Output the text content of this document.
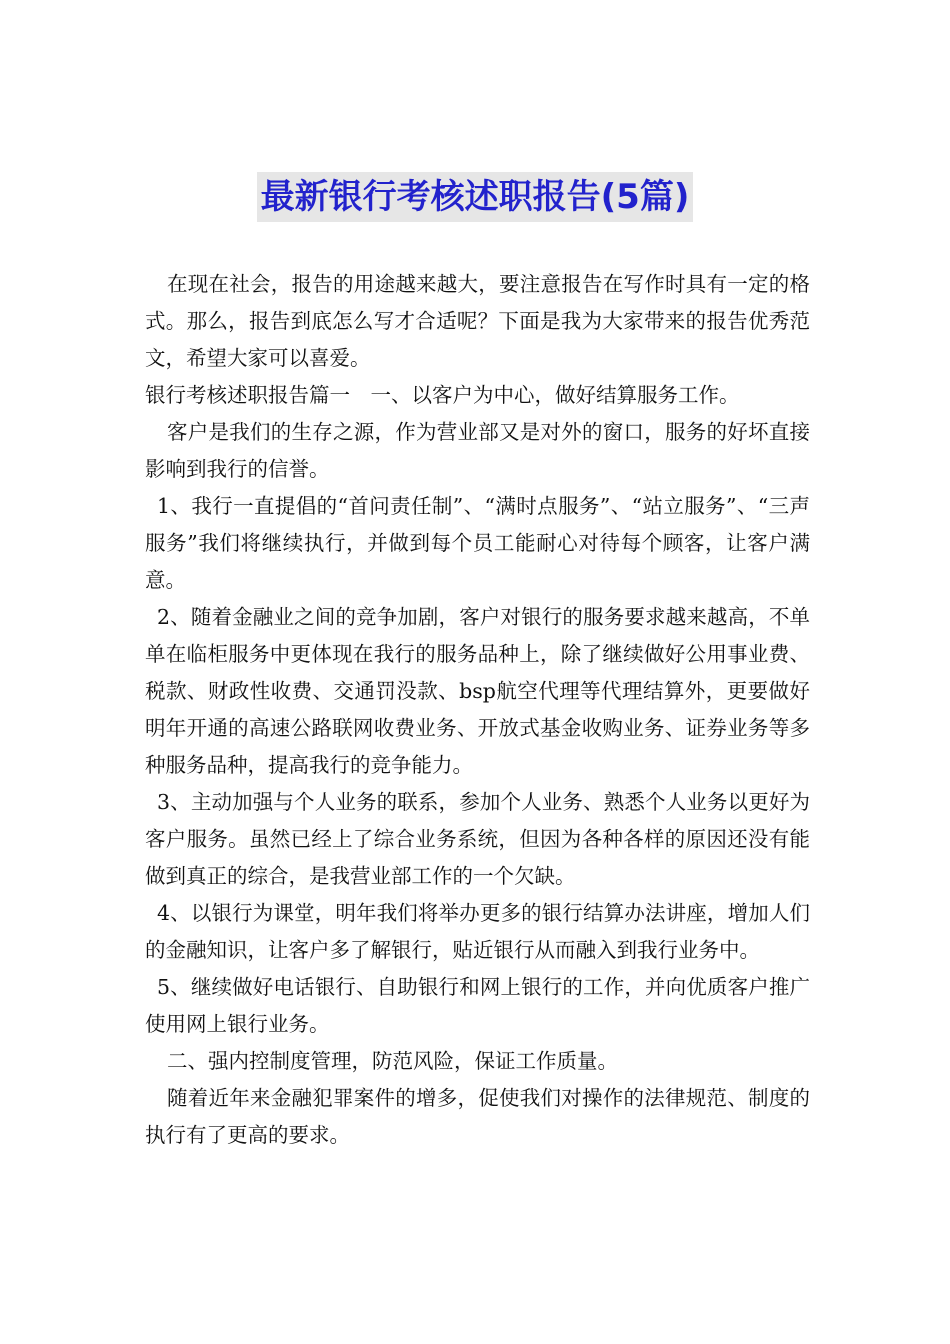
最新银行考核述职报告(5篇)

在现在社会，报告的用途越来越大，要注意报告在写作时具有一定的格式。那么，报告到底怎么写才合适呢？下面是我为大家带来的报告优秀范文，希望大家可以喜爱。

银行考核述职报告篇一　一、以客户为中心，做好结算服务工作。

客户是我们的生存之源，作为营业部又是对外的窗口，服务的好坏直接影响到我行的信誉。

1、我行一直提倡的“首问责任制”、“满时点服务”、“站立服务”、“三声服务”我们将继续执行，并做到每个员工能耐心对待每个顾客，让客户满意。

2、随着金融业之间的竞争加剧，客户对银行的服务要求越来越高，不单单在临柜服务中更体现在我行的服务品种上，除了继续做好公用事业费、税款、财政性收费、交通罚没款、bsp航空代理等代理结算外，更要做好明年开通的高速公路联网收费业务、开放式基金收购业务、证券业务等多种服务品种，提高我行的竞争能力。

3、主动加强与个人业务的联系，参加个人业务、熟悉个人业务以更好为客户服务。虽然已经上了综合业务系统，但因为各种各样的原因还没有能做到真正的综合，是我营业部工作的一个欠缺。

4、以银行为课堂，明年我们将举办更多的银行结算办法讲座，增加人们的金融知识，让客户多了解银行，贴近银行从而融入到我行业务中。

5、继续做好电话银行、自助银行和网上银行的工作，并向优质客户推广使用网上银行业务。

二、强内控制度管理，防范风险，保证工作质量。

随着近年来金融犯罪案件的增多，促使我们对操作的法律规范、制度的执行有了更高的要求。
